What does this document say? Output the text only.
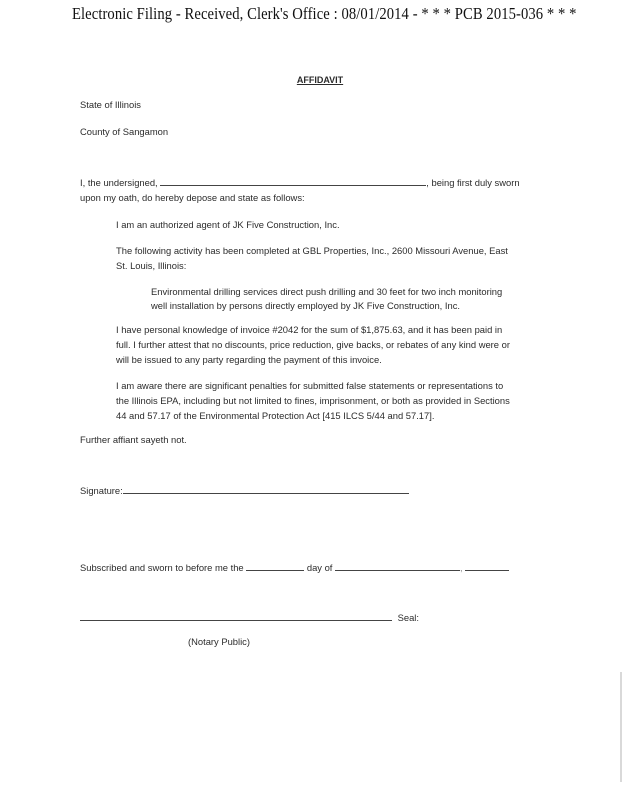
Electronic Filing - Received, Clerk's Office : 08/01/2014 - * * * PCB 2015-036 * * *
AFFIDAVIT
State of Illinois
County of Sangamon
I, the undersigned,	, being first duly sworn
upon my oath, do hereby depose and state as follows:
I am an authorized agent of JK Five Construction, Inc.
The following activity has been completed at GBL Properties, Inc., 2600 Missouri Avenue, East
St. Louis, Illinois:
Environmental drilling services direct push drilling and 30 feet for two inch monitoring
well installation by persons directly employed by JK Five Construction, Inc.
I have personal knowledge of invoice #2042 for the sum of $1,875.63, and it has been paid in
full. I further attest that no discounts, price reduction, give backs, or rebates of any kind were or
will be issued to any party regarding the payment of this invoice.
I am aware there are significant penalties for submitted false statements or representations to
the Illinois EPA, including but not limited to fines, imprisonment, or both as provided in Sections
44 and 57.17 of the Environmental Protection Act [415 ILCS 5/44 and 57.17].
Further affiant sayeth not.
Signature:
Subscribed and sworn to before me the	day of	,
Seal:
(Notary Public)
